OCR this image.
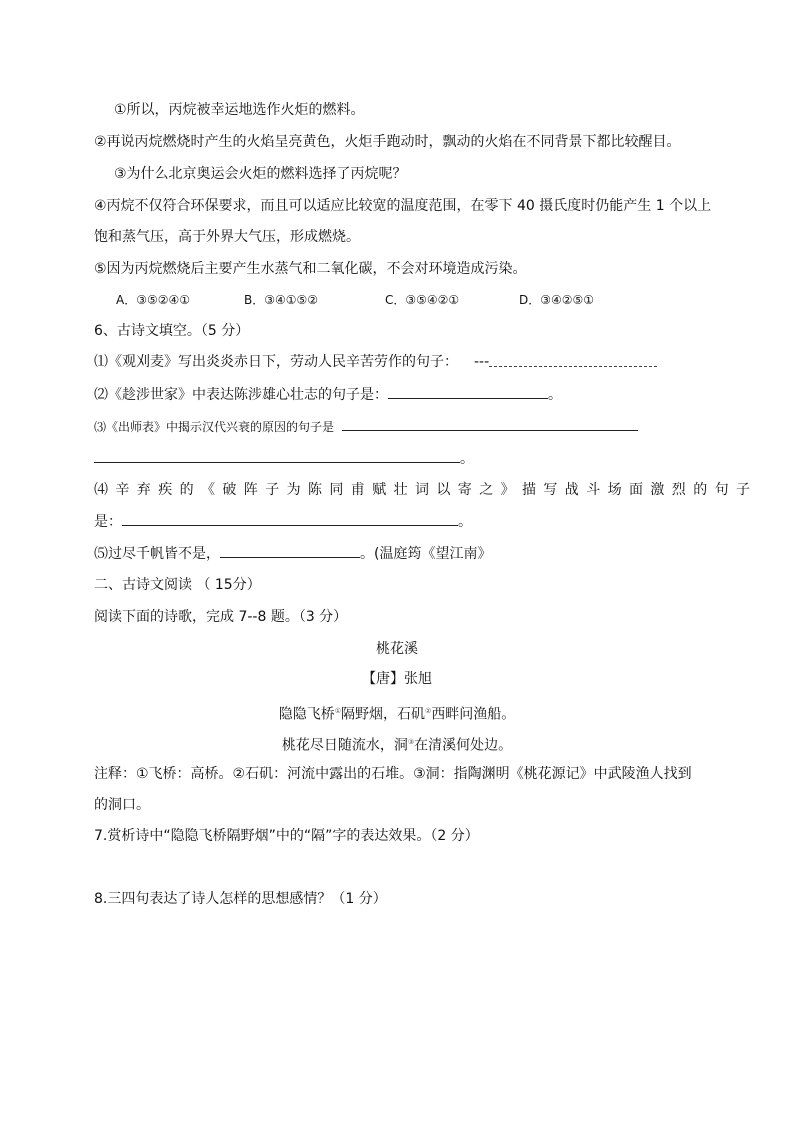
①所以，丙烷被幸运地选作火炬的燃料。
②再说丙烷燃烧时产生的火焰呈亮黄色，火炬手跑动时，飘动的火焰在不同背景下都比较醒目。
③为什么北京奥运会火炬的燃料选择了丙烷呢？
④丙烷不仅符合环保要求，而且可以适应比较宽的温度范围，在零下 40 摄氏度时仍能产生 1 个以上
饱和蒸气压，高于外界大气压，形成燃烧。
⑤因为丙烷燃烧后主要产生水蒸气和二氧化碳，不会对环境造成污染。
A．③⑤②④①	B．③④①⑤②	C．③⑤④②①	D．③④②⑤①
6、古诗文填空。（5 分）
⑴《观刈麦》写出炎炎赤日下，劳动人民辛苦劳作的句子： ---
⑵《趁涉世家》中表达陈涉雄心壮志的句子是：	。
⑶《出师表》中揭示汉代兴衰的原因的句子是
。
⑷辛弃疾的《破阵子为陈同甫赋壮词以寄之》描写战斗场面激烈的句子
是：	。
⑸过尽千帆皆不是，	。(温庭筠《望江南》
二、古诗文阅读 （ 15分）
阅读下面的诗歌，完成 7--8 题。（3 分）
桃花溪
【唐】张旭
隐隐飞桥①隔野烟，石矶②西畔问渔船。
桃花尽日随流水，洞③在清溪何处边。
注释：①飞桥：高桥。②石矶：河流中露出的石堆。③洞：指陶渊明《桃花源记》中武陵渔人找到
的洞口。
7.赏析诗中“隐隐飞桥隔野烟”中的“隔”字的表达效果。（2 分）
8.三四句表达了诗人怎样的思想感情？（1 分）
